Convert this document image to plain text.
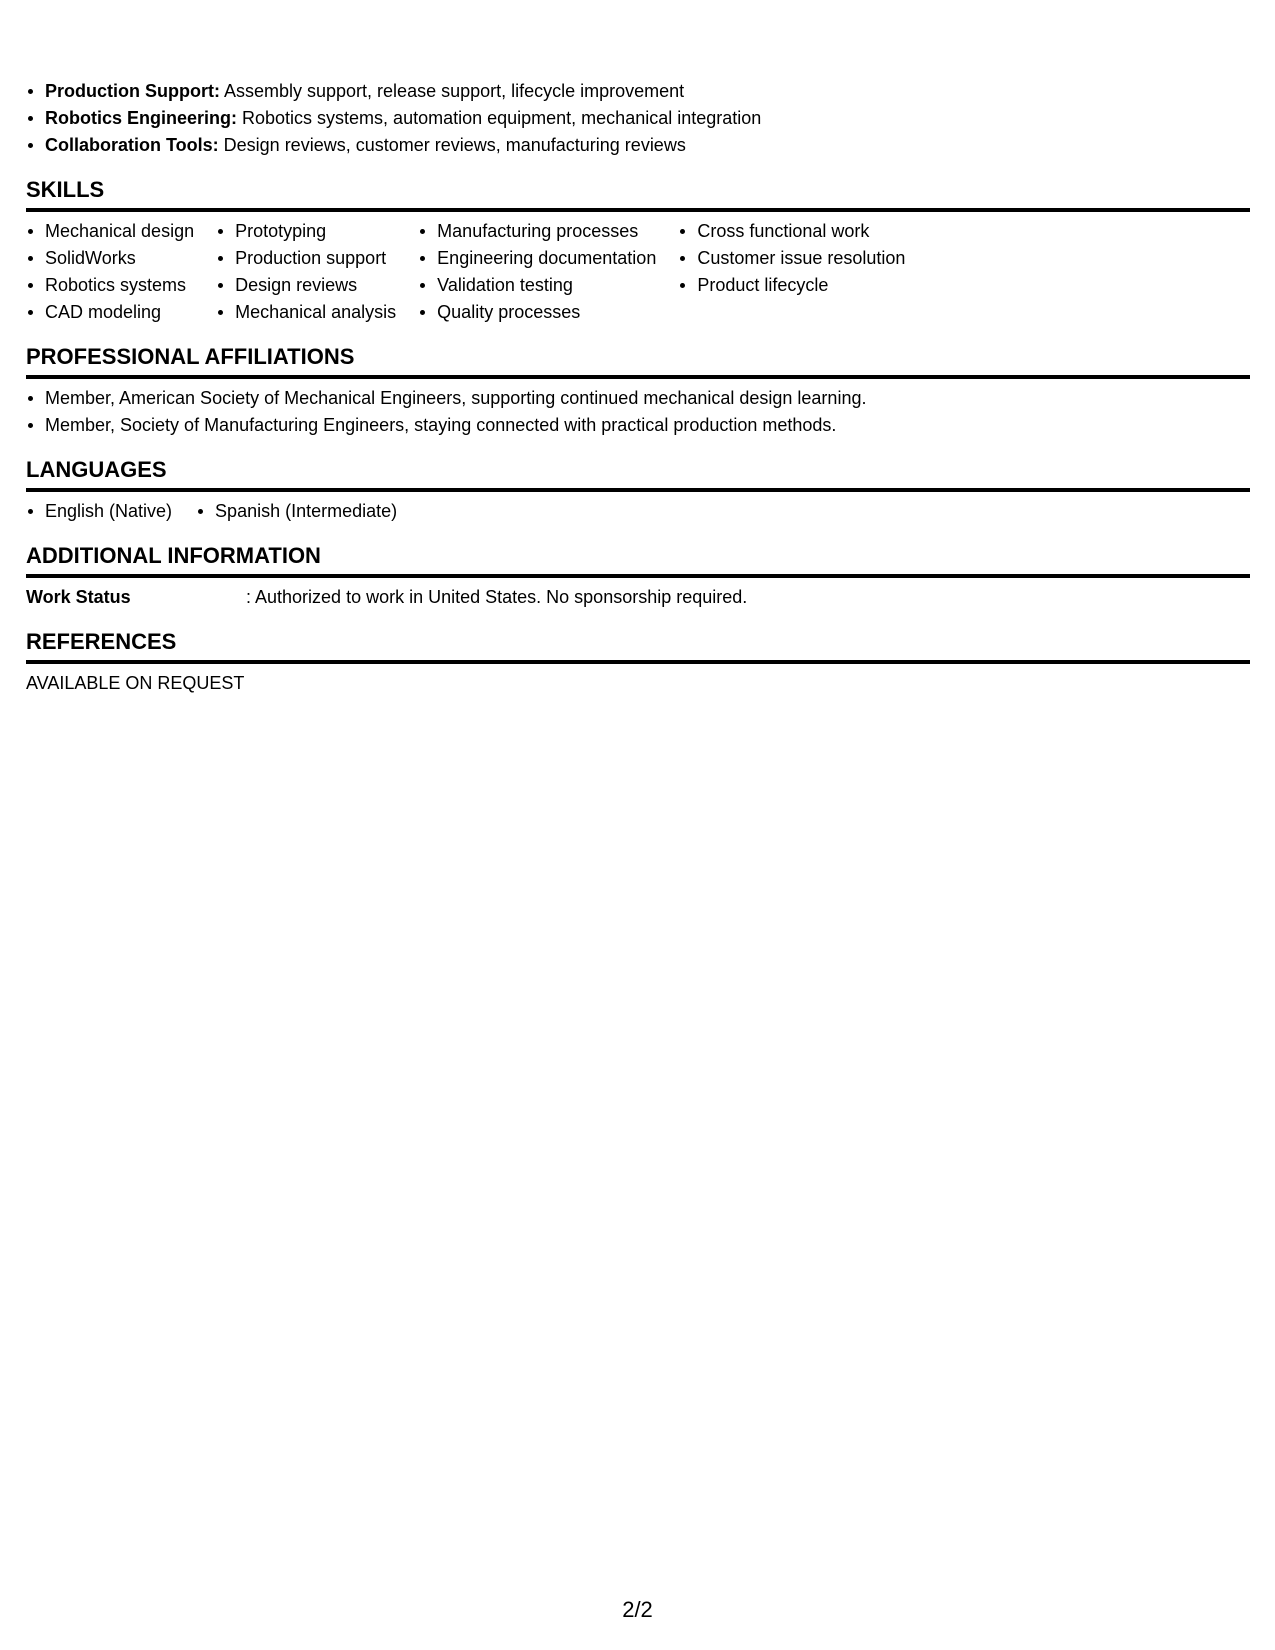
Production Support: Assembly support, release support, lifecycle improvement
Robotics Engineering: Robotics systems, automation equipment, mechanical integration
Collaboration Tools: Design reviews, customer reviews, manufacturing reviews
SKILLS
Mechanical design
SolidWorks
Robotics systems
CAD modeling
Prototyping
Production support
Design reviews
Mechanical analysis
Manufacturing processes
Engineering documentation
Validation testing
Quality processes
Cross functional work
Customer issue resolution
Product lifecycle
PROFESSIONAL AFFILIATIONS
Member, American Society of Mechanical Engineers, supporting continued mechanical design learning.
Member, Society of Manufacturing Engineers, staying connected with practical production methods.
LANGUAGES
English (Native)	Spanish (Intermediate)
ADDITIONAL INFORMATION
Work Status	: Authorized to work in United States. No sponsorship required.
REFERENCES
AVAILABLE ON REQUEST
2/2
